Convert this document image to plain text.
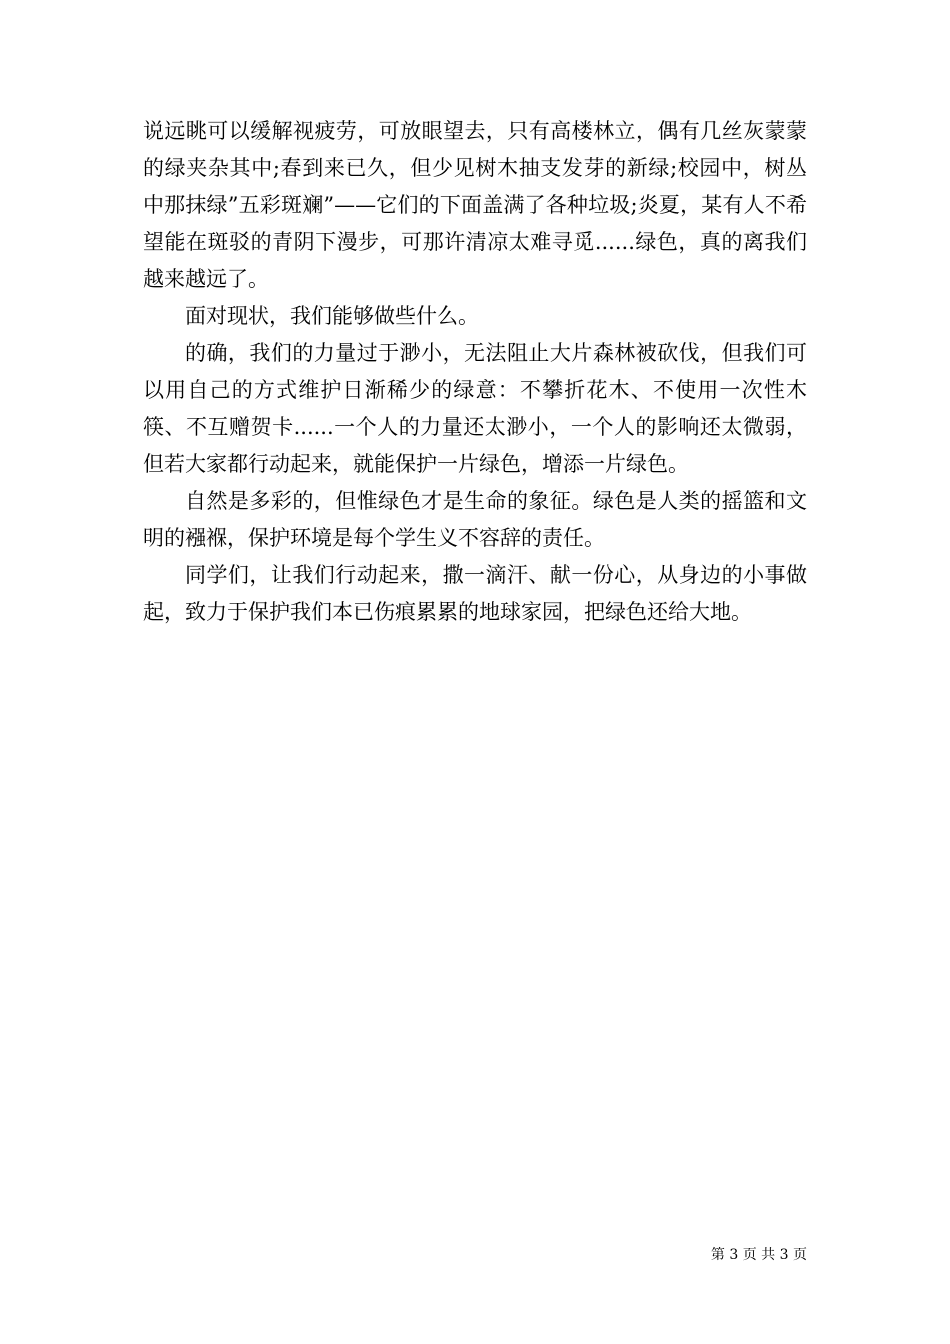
说远眺可以缓解视疲劳，可放眼望去，只有高楼林立，偶有几丝灰蒙蒙的绿夹杂其中;春到来已久，但少见树木抽支发芽的新绿;校园中，树丛中那抹绿”五彩斑斓”——它们的下面盖满了各种垃圾;炎夏，某有人不希望能在斑驳的青阴下漫步，可那许清凉太难寻觅......绿色，真的离我们越来越远了。

面对现状，我们能够做些什么。

的确，我们的力量过于渺小，无法阻止大片森林被砍伐，但我们可以用自己的方式维护日渐稀少的绿意：不攀折花木、不使用一次性木筷、不互赠贺卡......一个人的力量还太渺小，一个人的影响还太微弱，但若大家都行动起来，就能保护一片绿色，增添一片绿色。

自然是多彩的，但惟绿色才是生命的象征。绿色是人类的摇篮和文明的襁褓，保护环境是每个学生义不容辞的责任。

同学们，让我们行动起来，撒一滴汗、献一份心，从身边的小事做起，致力于保护我们本已伤痕累累的地球家园，把绿色还给大地。

第 3 页 共 3 页
